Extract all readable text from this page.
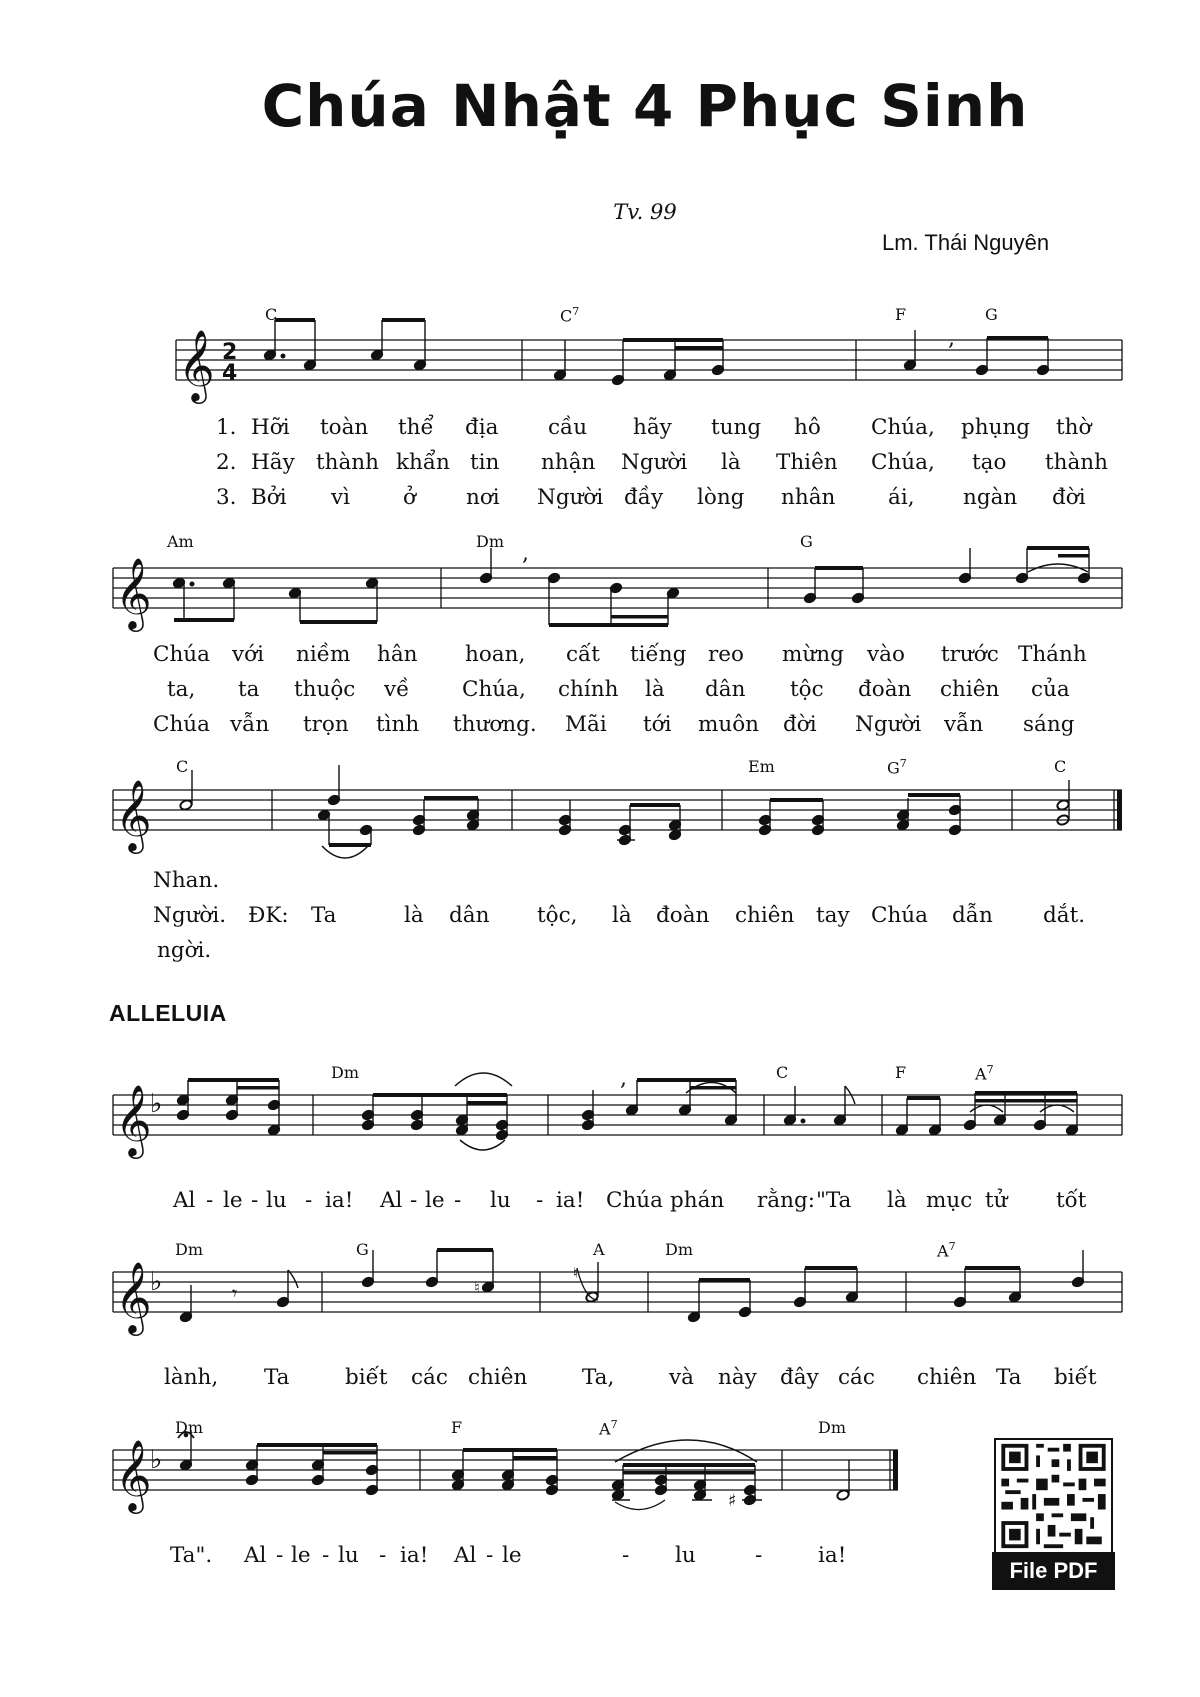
Chúa Nhật 4 Phục Sinh
Tv. 99
Lm. Thái Nguyên
ALLELUIA
𝄞 2
4
𝄞
𝄞
𝄞
♭
𝄞
♭
𝄞
♭
,
,
,
𝄾	♮
♮
♯
C	$C^7$	F	G
Am	Dm	G
C	Em	$G^7$	C
Dm	C	F	$A^7$
Dm	G	A	Dm	$A^7$
Dm	F	$A^7$	Dm
1. Hỡi toàn thể địa cầu hãy tung hô Chúa, phụng thờ
2. Hãy thành khẩn tin nhận Người là Thiên Chúa, tạo thành
3. Bởi vì ở nơi Người đầy lòng nhân ái, ngàn đời
Chúa với niềm hân hoan, cất tiếng reo mừng vào trước Thánh
ta, ta thuộc về Chúa, chính là dân tộc đoàn chiên của
Chúa vẫn trọn tình thương. Mãi tới muôn đời Người vẫn sáng
Nhan.
Người. ĐK: Ta	là dân tộc, là đoàn chiên tay Chúa dẫn dắt.
ngời.
Al - le - lu - ia! Al - le - lu - ia! Chúa phán rằng: "Ta là mục tử tốt
lành, Ta	biết các chiên	Ta,	và này đây các chiên Ta biết
Ta". Al - le - lu - ia! Al - le	- lu	-	ia!
File PDF
